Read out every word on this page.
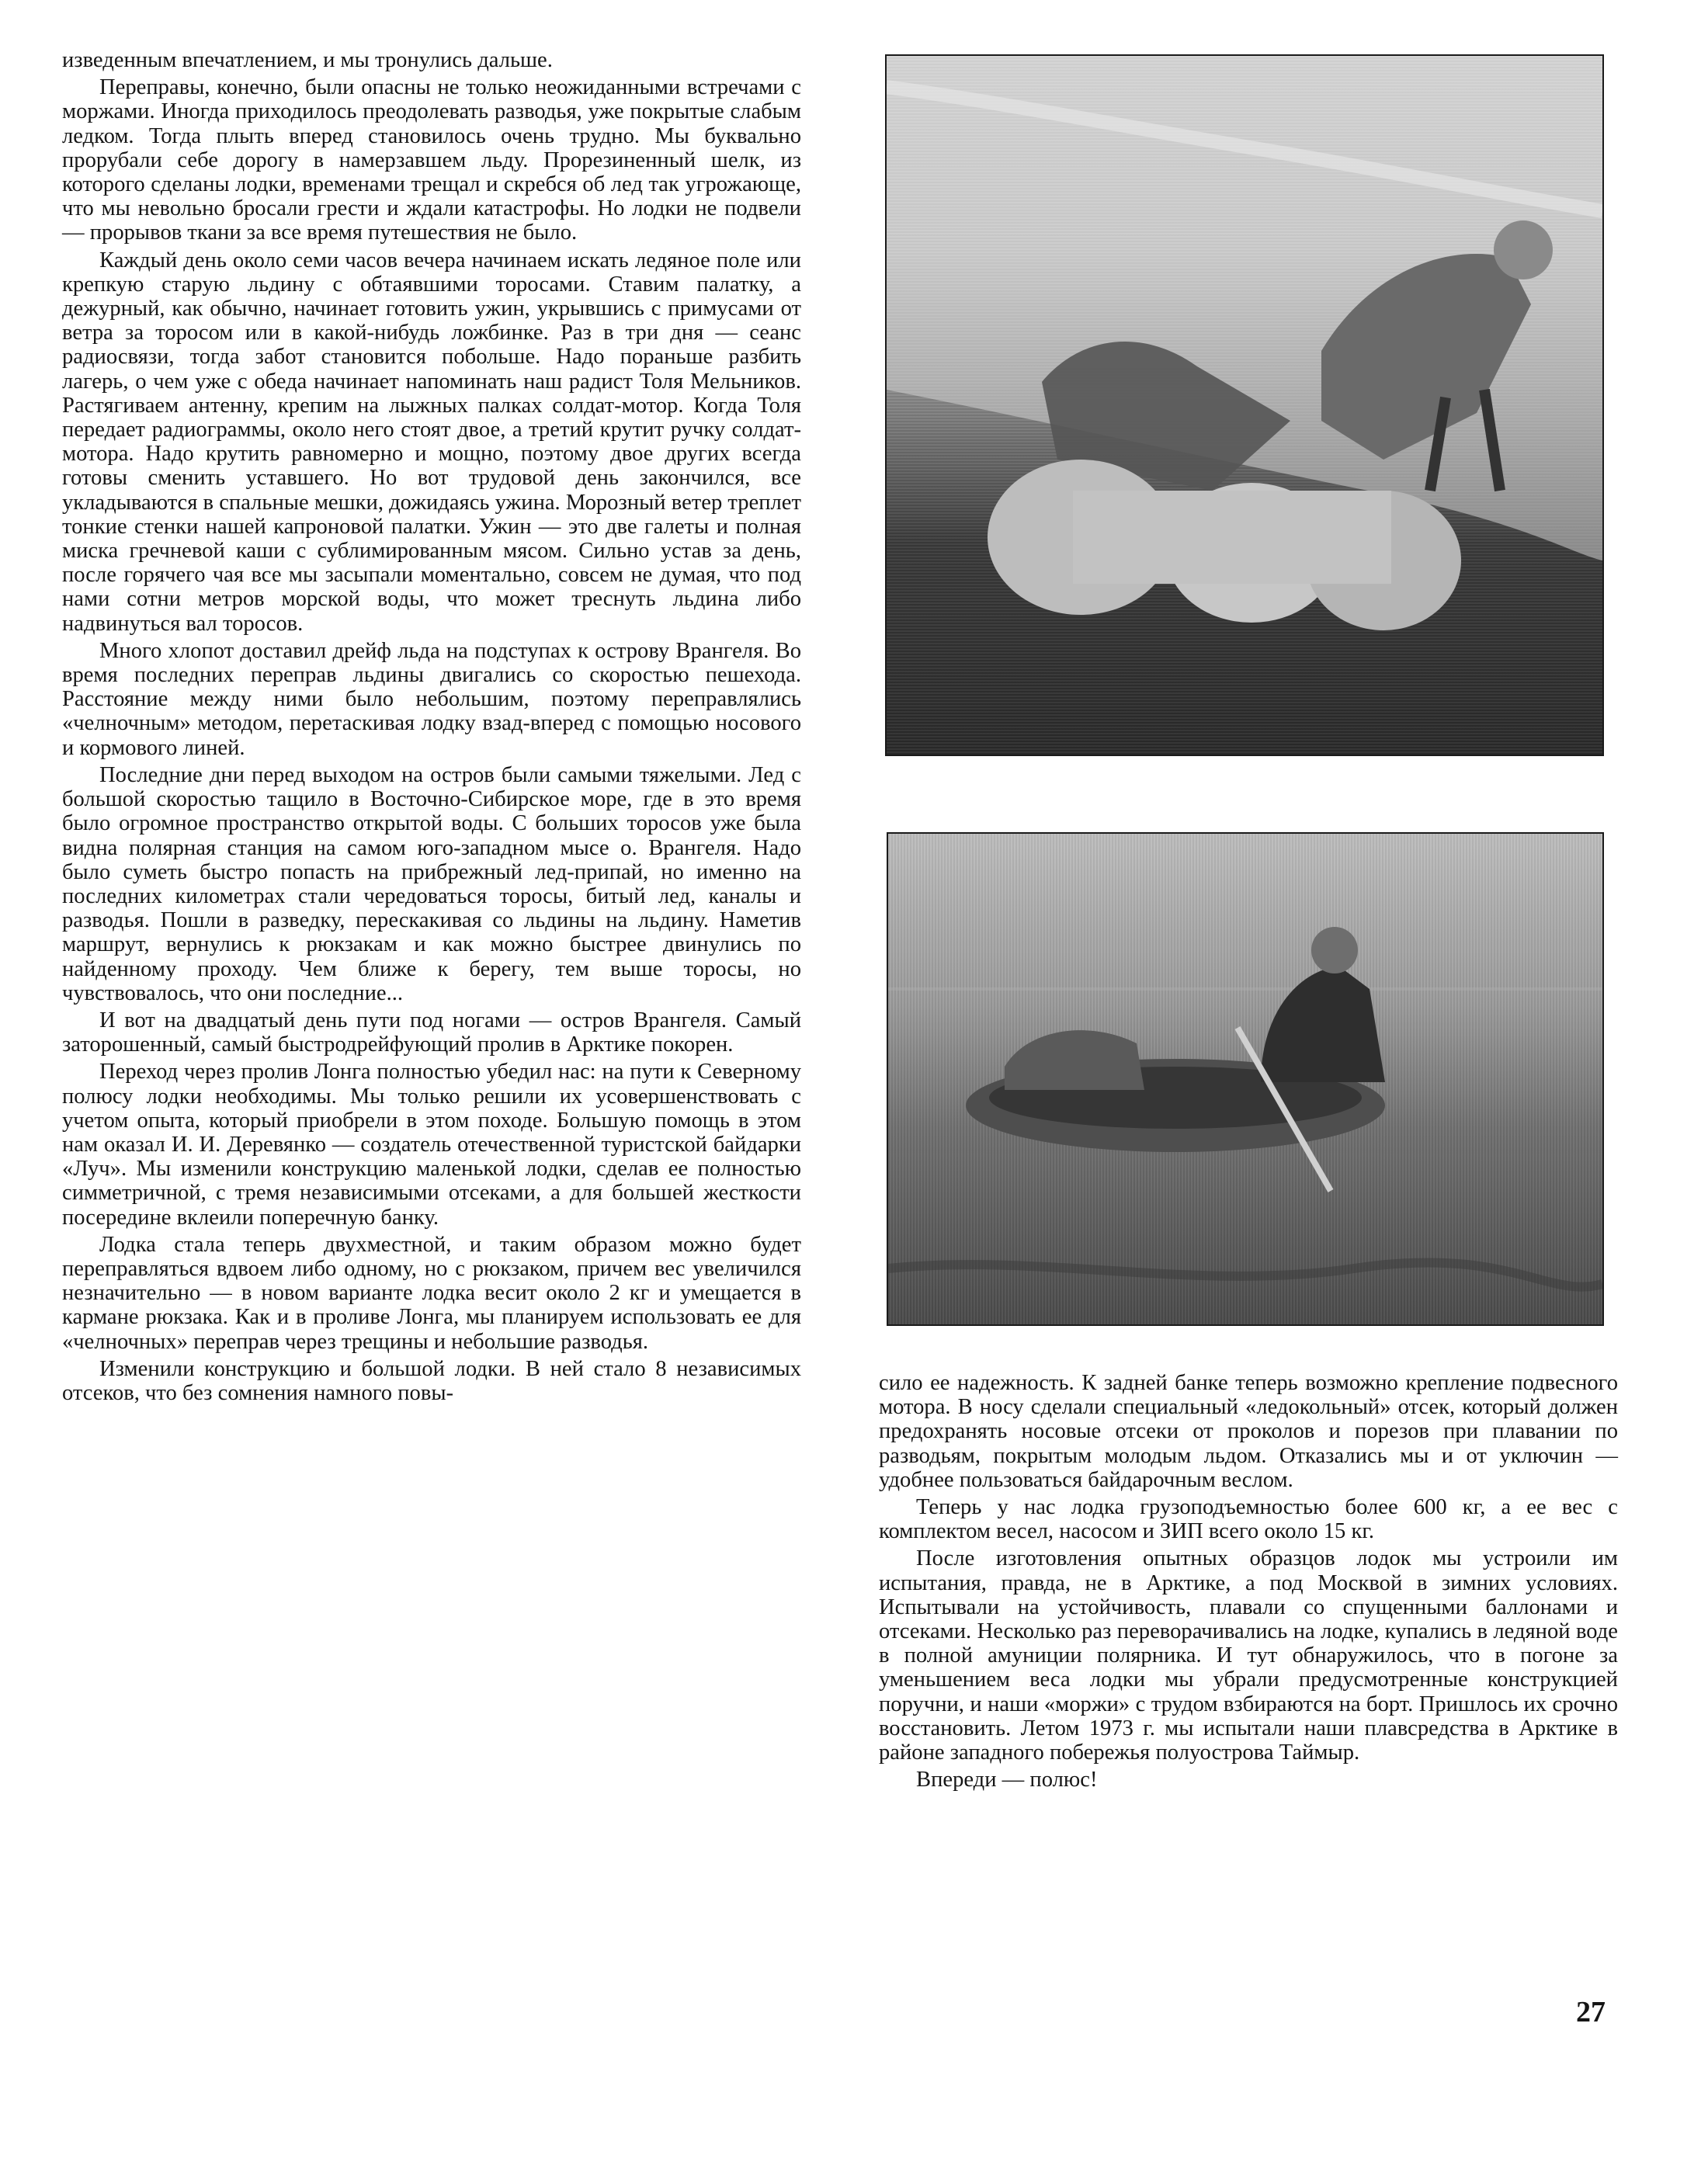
изведенным впечатлением, и мы тронулись дальше.

Переправы, конечно, были опасны не только неожиданными встречами с моржами. Иногда приходилось преодолевать разводья, уже покрытые слабым ледком. Тогда плыть вперед становилось очень трудно. Мы буквально прорубали себе дорогу в намерзавшем льду. Прорезиненный шелк, из которого сделаны лодки, временами трещал и скребся об лед так угрожающе, что мы невольно бросали грести и ждали катастрофы. Но лодки не подвели — прорывов ткани за все время путешествия не было.

Каждый день около семи часов вечера начинаем искать ледяное поле или крепкую старую льдину с обтаявшими торосами. Ставим палатку, а дежурный, как обычно, начинает готовить ужин, укрывшись с примусами от ветра за торосом или в какой-нибудь ложбинке. Раз в три дня — сеанс радиосвязи, тогда забот становится побольше. Надо пораньше разбить лагерь, о чем уже с обеда начинает напоминать наш радист Толя Мельников. Растягиваем антенну, крепим на лыжных палках солдат-мотор. Когда Толя передает радиограммы, около него стоят двое, а третий крутит ручку солдат-мотора. Надо крутить равномерно и мощно, поэтому двое других всегда готовы сменить уставшего. Но вот трудовой день закончился, все укладываются в спальные мешки, дожидаясь ужина. Морозный ветер треплет тонкие стенки нашей капроновой палатки. Ужин — это две галеты и полная миска гречневой каши с сублимированным мясом. Сильно устав за день, после горячего чая все мы засыпали моментально, совсем не думая, что под нами сотни метров морской воды, что может треснуть льдина либо надвинуться вал торосов.

Много хлопот доставил дрейф льда на подступах к острову Врангеля. Во время последних переправ льдины двигались со скоростью пешехода. Расстояние между ними было небольшим, поэтому переправлялись «челночным» методом, перетаскивая лодку взад-вперед с помощью носового и кормового линей.

Последние дни перед выходом на остров были самыми тяжелыми. Лед с большой скоростью тащило в Восточно-Сибирское море, где в это время было огромное пространство открытой воды. С больших торосов уже была видна полярная станция на самом юго-западном мысе о. Врангеля. Надо было суметь быстро попасть на прибрежный лед-припай, но именно на последних километрах стали чередоваться торосы, битый лед, каналы и разводья. Пошли в разведку, перескакивая со льдины на льдину. Наметив маршрут, вернулись к рюкзакам и как можно быстрее двинулись по найденному проходу. Чем ближе к берегу, тем выше торосы, но чувствовалось, что они последние...

И вот на двадцатый день пути под ногами — остров Врангеля. Самый заторошенный, самый быстродрейфующий пролив в Арктике покорен.

Переход через пролив Лонга полностью убедил нас: на пути к Северному полюсу лодки необходимы. Мы только решили их усовершенствовать с учетом опыта, который приобрели в этом походе. Большую помощь в этом нам оказал И. И. Деревянко — создатель отечественной туристской байдарки «Луч». Мы изменили конструкцию маленькой лодки, сделав ее полностью симметричной, с тремя независимыми отсеками, а для большей жесткости посередине вклеили поперечную банку.

Лодка стала теперь двухместной, и таким образом можно будет переправляться вдвоем либо одному, но с рюкзаком, причем вес увеличился незначительно — в новом варианте лодка весит около 2 кг и умещается в кармане рюкзака. Как и в проливе Лонга, мы планируем использовать ее для «челночных» переправ через трещины и небольшие разводья.

Изменили конструкцию и большой лодки. В ней стало 8 независимых отсеков, что без сомнения намного повы-	сило ее надежность. К задней банке теперь возможно крепление подвесного мотора. В носу сделали специальный «ледокольный» отсек, который должен предохранять носовые отсеки от проколов и порезов при плавании по разводьям, покрытым молодым льдом. Отказались мы и от уключин — удобнее пользоваться байдарочным веслом.

Теперь у нас лодка грузоподъемностью более 600 кг, а ее вес с комплектом весел, насосом и ЗИП всего около 15 кг.

После изготовления опытных образцов лодок мы устроили им испытания, правда, не в Арктике, а под Москвой в зимних условиях. Испытывали на устойчивость, плавали со спущенными баллонами и отсеками. Несколько раз переворачивались на лодке, купались в ледяной воде в полной амуниции полярника. И тут обнаружилось, что в погоне за уменьшением веса лодки мы убрали предусмотренные конструкцией поручни, и наши «моржи» с трудом взбираются на борт. Пришлось их срочно восстановить. Летом 1973 г. мы испытали наши плавсредства в Арктике в районе западного побережья полуострова Таймыр.

Впереди — полюс!

27
